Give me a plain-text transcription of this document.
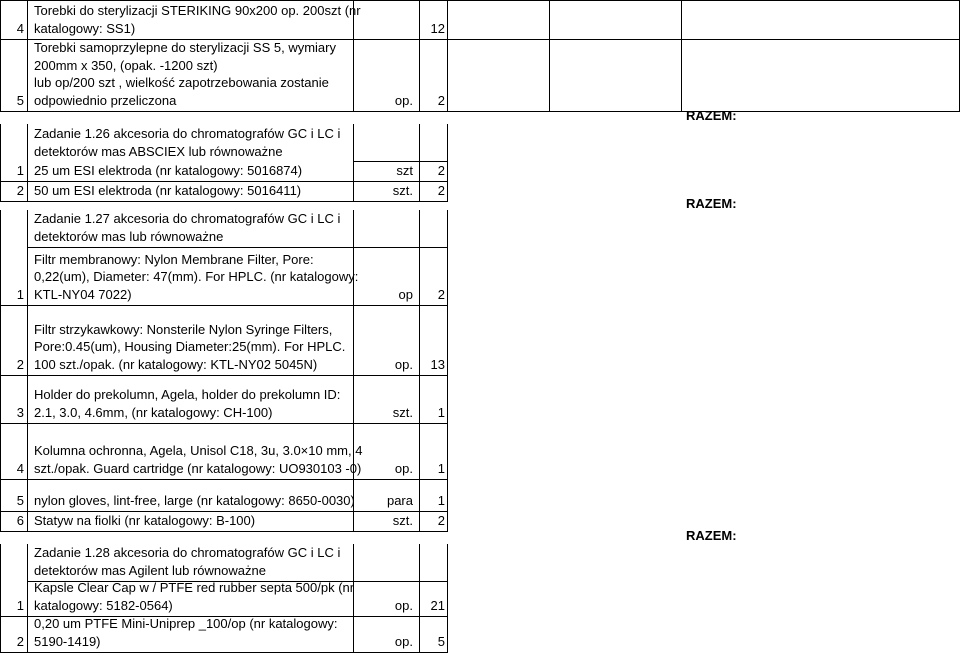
4
Torebki do sterylizacji STERIKING 90x200 op. 200szt (nr
katalogowy: SS1)	12
5
Torebki samoprzylepne do sterylizacji SS 5, wymiary
200mm x 350, (opak. -1200 szt)
lub op/200 szt , wielkość zapotrzebowania zostanie
odpowiednio przeliczona	op. 2
RAZEM:
Zadanie 1.26 akcesoria do chromatografów GC i LC i
detektorów mas ABSCIEX lub równoważne
1 25 um ESI elektroda (nr katalogowy: 5016874)	szt 2
2 50 um ESI elektroda (nr katalogowy: 5016411)	szt. 2
RAZEM:
Zadanie 1.27 akcesoria do chromatografów GC i LC i
detektorów mas lub równoważne
1
Filtr membranowy: Nylon Membrane Filter, Pore:
0,22(um), Diameter: 47(mm). For HPLC. (nr katalogowy:
KTL-NY04 7022)	op 2
2
Filtr strzykawkowy: Nonsterile Nylon Syringe Filters,
Pore:0.45(um), Housing Diameter:25(mm). For HPLC.
100 szt./opak. (nr katalogowy: KTL-NY02 5045N)	op. 13
3
Holder do prekolumn, Agela, holder do prekolumn ID:
2.1, 3.0, 4.6mm, (nr katalogowy: CH-100)	szt. 1
4
Kolumna ochronna, Agela, Unisol C18, 3u, 3.0×10 mm, 4
szt./opak. Guard cartridge (nr katalogowy: UO930103 -0)	op. 1
5 nylon gloves, lint-free, large (nr katalogowy: 8650-0030) para 1
6 Statyw na fiolki (nr katalogowy: B-100)	szt. 2
RAZEM:
Zadanie 1.28 akcesoria do chromatografów GC i LC i
detektorów mas Agilent lub równoważne
1
Kapsle Clear Cap w / PTFE red rubber septa 500/pk (nr
katalogowy: 5182-0564)	op. 21
2
0,20 um PTFE Mini-Uniprep _100/op (nr katalogowy:
5190-1419)	op. 5
